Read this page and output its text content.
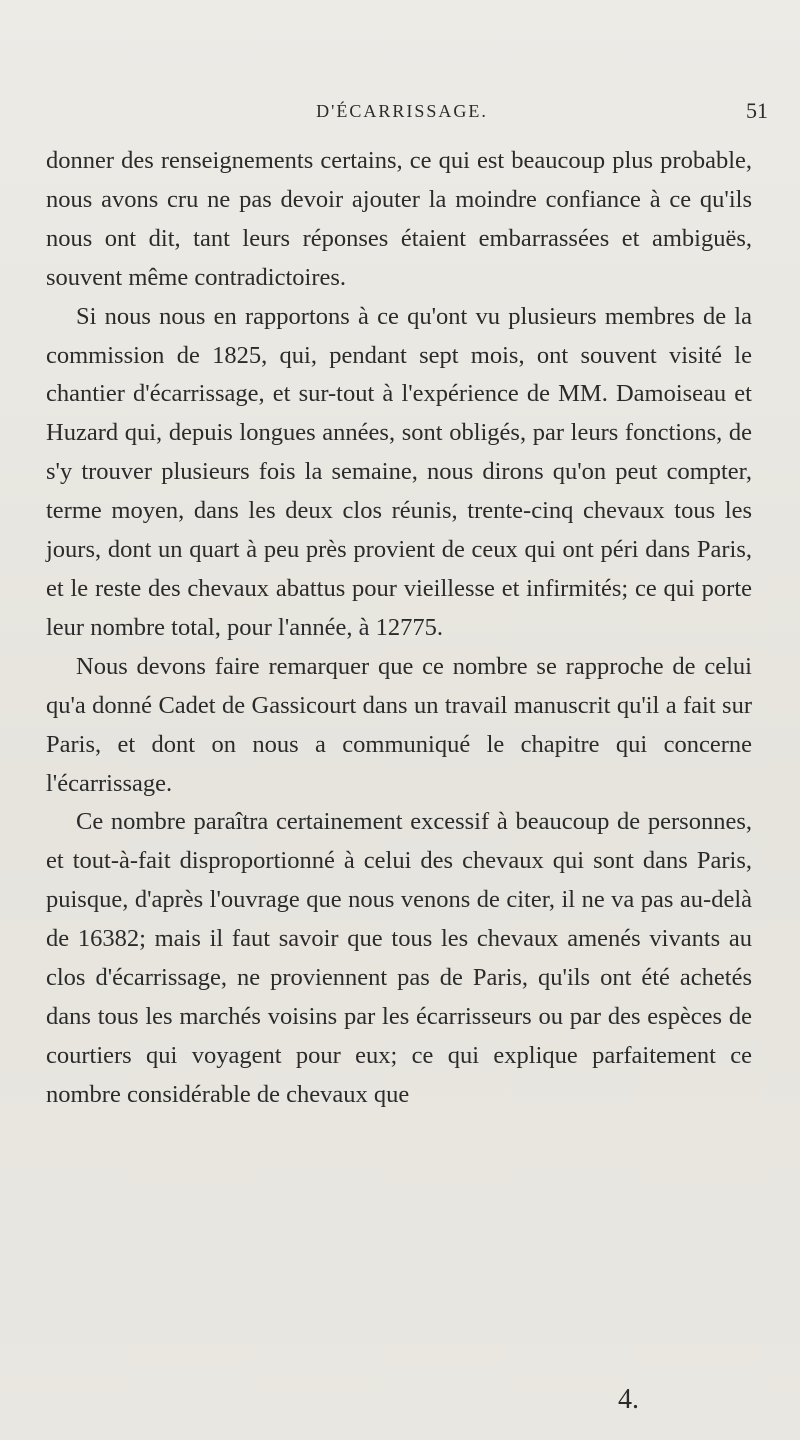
D'ÉCARRISSAGE.	51

donner des renseignements certains, ce qui est beaucoup plus probable, nous avons cru ne pas devoir ajouter la moindre confiance à ce qu'ils nous ont dit, tant leurs réponses étaient embarrassées et ambiguës, souvent même contradictoires.

Si nous nous en rapportons à ce qu'ont vu plusieurs membres de la commission de 1825, qui, pendant sept mois, ont souvent visité le chantier d'écarrissage, et sur-tout à l'expérience de MM. Damoiseau et Huzard qui, depuis longues années, sont obligés, par leurs fonctions, de s'y trouver plusieurs fois la semaine, nous dirons qu'on peut compter, terme moyen, dans les deux clos réunis, trente-cinq chevaux tous les jours, dont un quart à peu près provient de ceux qui ont péri dans Paris, et le reste des chevaux abattus pour vieillesse et infirmités; ce qui porte leur nombre total, pour l'année, à 12775.

Nous devons faire remarquer que ce nombre se rapproche de celui qu'a donné Cadet de Gassicourt dans un travail manuscrit qu'il a fait sur Paris, et dont on nous a communiqué le chapitre qui concerne l'écarrissage.

Ce nombre paraîtra certainement excessif à beaucoup de personnes, et tout-à-fait disproportionné à celui des chevaux qui sont dans Paris, puisque, d'après l'ouvrage que nous venons de citer, il ne va pas au-delà de 16382; mais il faut savoir que tous les chevaux amenés vivants au clos d'écarrissage, ne proviennent pas de Paris, qu'ils ont été achetés dans tous les marchés voisins par les écarrisseurs ou par des espèces de courtiers qui voyagent pour eux; ce qui explique parfaitement ce nombre considérable de chevaux que

4.
